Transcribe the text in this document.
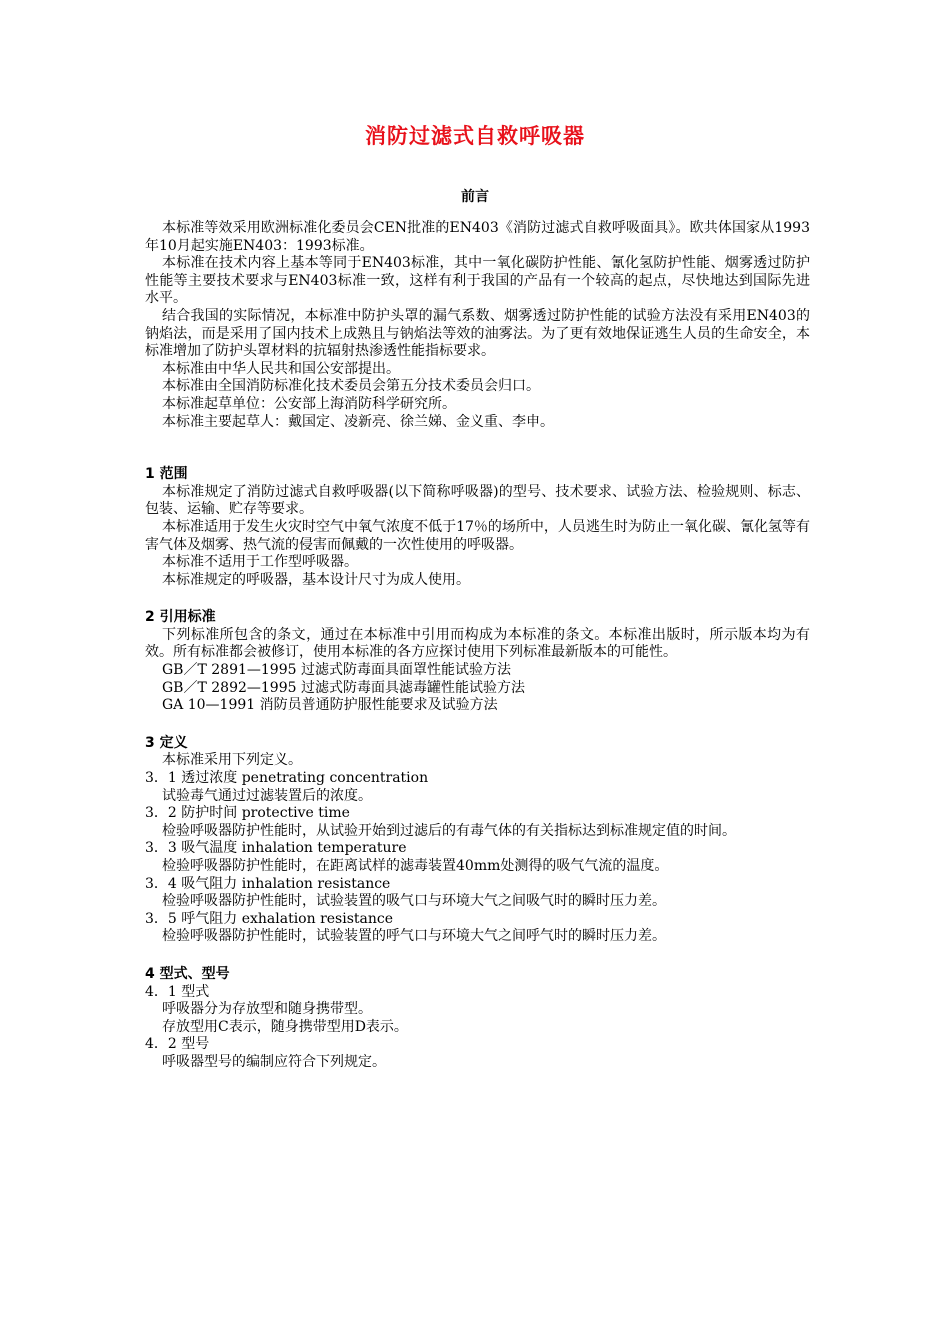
消防过滤式自救呼吸器
前言

本标准等效采用欧洲标准化委员会CEN批准的EN403《消防过滤式自救呼吸面具》。欧共体国家从1993年10月起实施EN403：1993标准。

本标准在技术内容上基本等同于EN403标准，其中一氧化碳防护性能、氰化氢防护性能、烟雾透过防护性能等主要技术要求与EN403标准一致，这样有利于我国的产品有一个较高的起点，尽快地达到国际先进水平。

结合我国的实际情况，本标准中防护头罩的漏气系数、烟雾透过防护性能的试验方法没有采用EN403的钠焰法，而是采用了国内技术上成熟且与钠焰法等效的油雾法。为了更有效地保证逃生人员的生命安全，本标准增加了防护头罩材料的抗辐射热渗透性能指标要求。

本标准由中华人民共和国公安部提出。

本标准由全国消防标准化技术委员会第五分技术委员会归口。

本标准起草单位：公安部上海消防科学研究所。

本标准主要起草人：戴国定、凌新亮、徐兰娣、金义重、李申。

1 范围

本标准规定了消防过滤式自救呼吸器(以下简称呼吸器)的型号、技术要求、试验方法、检验规则、标志、包装、运输、贮存等要求。

本标准适用于发生火灾时空气中氧气浓度不低于17％的场所中，人员逃生时为防止一氧化碳、氰化氢等有害气体及烟雾、热气流的侵害而佩戴的一次性使用的呼吸器。

本标准不适用于工作型呼吸器。

本标准规定的呼吸器，基本设计尺寸为成人使用。

2 引用标准

下列标准所包含的条文，通过在本标准中引用而构成为本标准的条文。本标准出版时，所示版本均为有效。所有标准都会被修订，使用本标准的各方应探讨使用下列标准最新版本的可能性。

GB／T 2891—1995 过滤式防毒面具面罩性能试验方法

GB／T 2892—1995 过滤式防毒面具滤毒罐性能试验方法

GA 10—1991 消防员普通防护服性能要求及试验方法

3 定义

本标准采用下列定义。

3．1 透过浓度 penetrating concentration

试验毒气通过过滤装置后的浓度。

3．2 防护时间 protective time

检验呼吸器防护性能时，从试验开始到过滤后的有毒气体的有关指标达到标准规定值的时间。

3．3 吸气温度 inhalation temperature

检验呼吸器防护性能时，在距离试样的滤毒装置40mm处测得的吸气气流的温度。

3．4 吸气阻力 inhalation resistance

检验呼吸器防护性能时，试验装置的吸气口与环境大气之间吸气时的瞬时压力差。

3．5 呼气阻力 exhalation resistance

检验呼吸器防护性能时，试验装置的呼气口与环境大气之间呼气时的瞬时压力差。

4 型式、型号

4．1 型式

呼吸器分为存放型和随身携带型。

存放型用C表示，随身携带型用D表示。

4．2 型号

呼吸器型号的编制应符合下列规定。
